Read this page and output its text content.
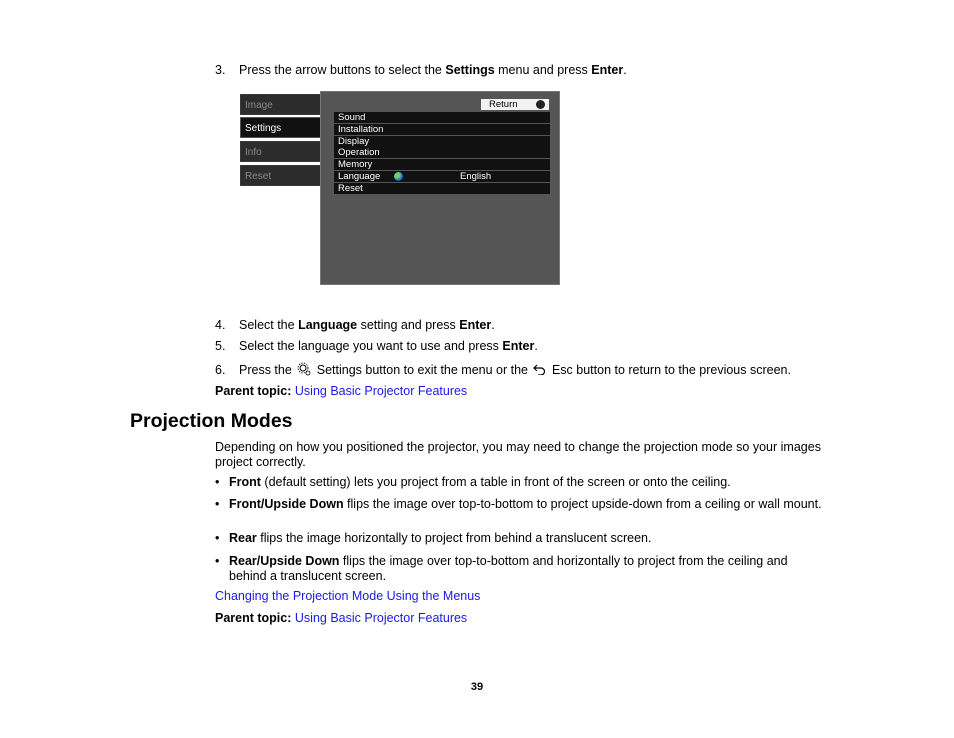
3. Press the arrow buttons to select the Settings menu and press Enter.
Image
Settings
Info
Reset
Return
Sound
Installation
Display
Operation
Memory
Language	English
Reset
4. Select the Language setting and press Enter.
5. Select the language you want to use and press Enter.
6. Press the  Settings button to exit the menu or the  Esc button to return to the previous screen.
Parent topic: Using Basic Projector Features
Projection Modes
Depending on how you positioned the projector, you may need to change the projection mode so your images project correctly.
• Front (default setting) lets you project from a table in front of the screen or onto the ceiling.
• Front/Upside Down flips the image over top-to-bottom to project upside-down from a ceiling or wall mount.
• Rear flips the image horizontally to project from behind a translucent screen.
• Rear/Upside Down flips the image over top-to-bottom and horizontally to project from the ceiling and behind a translucent screen.
Changing the Projection Mode Using the Menus
Parent topic: Using Basic Projector Features
39
